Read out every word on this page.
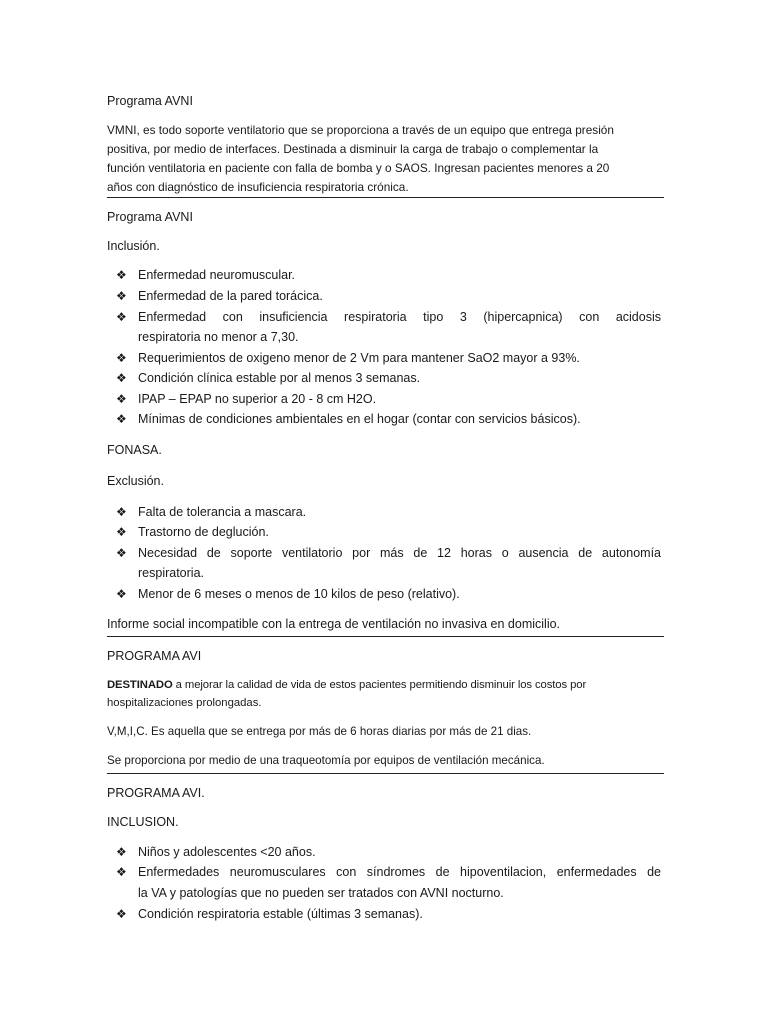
Programa AVNI
VMNI, es todo soporte ventilatorio que se proporciona a través de un equipo que entrega presión
positiva, por medio de interfaces. Destinada a disminuir la carga de trabajo o complementar la
función ventilatoria en paciente con falla de bomba y o SAOS. Ingresan pacientes menores a 20
años con diagnóstico de insuficiencia respiratoria crónica.
Programa AVNI
Inclusión.
❖ Enfermedad neuromuscular.
❖ Enfermedad de la pared torácica.
❖ Enfermedad con insuficiencia respiratoria tipo 3 (hipercapnica) con acidosis
respiratoria no menor a 7,30.
❖ Requerimientos de oxigeno menor de 2 Vm para mantener SaO2 mayor a 93%.
❖ Condición clínica estable por al menos 3 semanas.
❖ IPAP – EPAP no superior a 20 - 8 cm H2O.
❖ Mínimas de condiciones ambientales en el hogar (contar con servicios básicos).
FONASA.
Exclusión.
❖ Falta de tolerancia a mascara.
❖ Trastorno de deglución.
❖ Necesidad de soporte ventilatorio por más de 12 horas o ausencia de autonomía
respiratoria.
❖ Menor de 6 meses o menos de 10 kilos de peso (relativo).
Informe social incompatible con la entrega de ventilación no invasiva en domicilio.
PROGRAMA AVI
DESTINADO a mejorar la calidad de vida de estos pacientes permitiendo disminuir los costos por
hospitalizaciones prolongadas.
V,M,I,C. Es aquella que se entrega por más de 6 horas diarias por más de 21 dias.
Se proporciona por medio de una traqueotomía por equipos de ventilación mecánica.
PROGRAMA AVI.
INCLUSION.
❖ Niños y adolescentes <20 años.
❖ Enfermedades neuromusculares con síndromes de hipoventilacion, enfermedades de
la VA y patologías que no pueden ser tratados con AVNI nocturno.
❖ Condición respiratoria estable (últimas 3 semanas).
